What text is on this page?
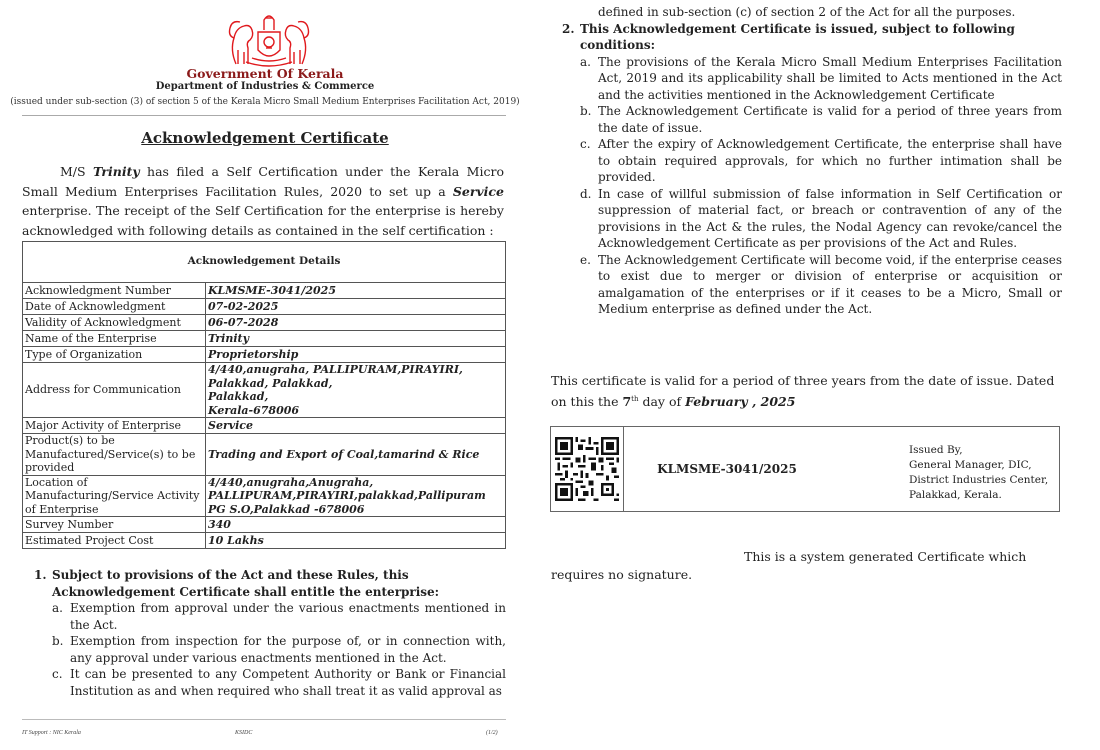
Government Of Kerala
Department of Industries & Commerce
(issued under sub-section (3) of section 5 of the Kerala Micro Small Medium Enterprises Facilitation Act, 2019)
Acknowledgement Certificate
M/S Trinity has filed a Self Certification under the Kerala Micro Small Medium Enterprises Facilitation Rules, 2020 to set up a Service enterprise. The receipt of the Self Certification for the enterprise is hereby acknowledged with following details as contained in the self certification :
Acknowledgement Details	
Acknowledgment Number	KLMSME-3041/2025
Date of Acknowledgment	07-02-2025
Validity of Acknowledgment	06-07-2028
Name of the Enterprise	Trinity
Type of Organization	Proprietorship
Address for Communication	4/440,anugraha, PALLIPURAM,PIRAYIRI,
Palakkad, Palakkad,
Palakkad,
Kerala-678006

Major Activity of Enterprise	Service
Product(s) to be Manufactured/Service(s) to be provided	Trading and Export of Coal,tamarind & Rice
Location of Manufacturing/Service Activity of Enterprise	4/440,anugraha,Anugraha, PALLIPURAM,PIRAYIRI,palakkad,Pallipuram PG S.O,Palakkad -678006
Survey Number	340
Estimated Project Cost	10 Lakhs
1. Subject to provisions of the Act and these Rules, this Acknowledgement Certificate shall entitle the enterprise:
a. Exemption from approval under the various enactments mentioned in the Act.
b. Exemption from inspection for the purpose of, or in connection with, any approval under various enactments mentioned in the Act.
c. It can be presented to any Competent Authority or Bank or Financial Institution as and when required who shall treat it as valid approval as
IT Support : NIC Kerala	KSIDC	(1/2)
defined in sub-section (c) of section 2 of the Act for all the purposes.
2. This Acknowledgement Certificate is issued, subject to following conditions:
a. The provisions of the Kerala Micro Small Medium Enterprises Facilitation Act, 2019 and its applicability shall be limited to Acts mentioned in the Act and the activities mentioned in the Acknowledgement Certificate
b. The Acknowledgement Certificate is valid for a period of three years from the date of issue.
c. After the expiry of Acknowledgement Certificate, the enterprise shall have to obtain required approvals, for which no further intimation shall be provided.
d. In case of willful submission of false information in Self Certification or suppression of material fact, or breach or contravention of any of the provisions in the Act & the rules, the Nodal Agency can revoke/cancel the Acknowledgement Certificate as per provisions of the Act and Rules.
e. The Acknowledgement Certificate will become void, if the enterprise ceases to exist due to merger or division of enterprise or acquisition or amalgamation of the enterprises or if it ceases to be a Micro, Small or Medium enterprise as defined under the Act.
This certificate is valid for a period of three years from the date of issue. Dated on this the 7th day of February , 2025
KLMSME-3041/2025
Issued By,
General Manager, DIC,
District Industries Center,
Palakkad, Kerala.
This is a system generated Certificate which
requires no signature.
